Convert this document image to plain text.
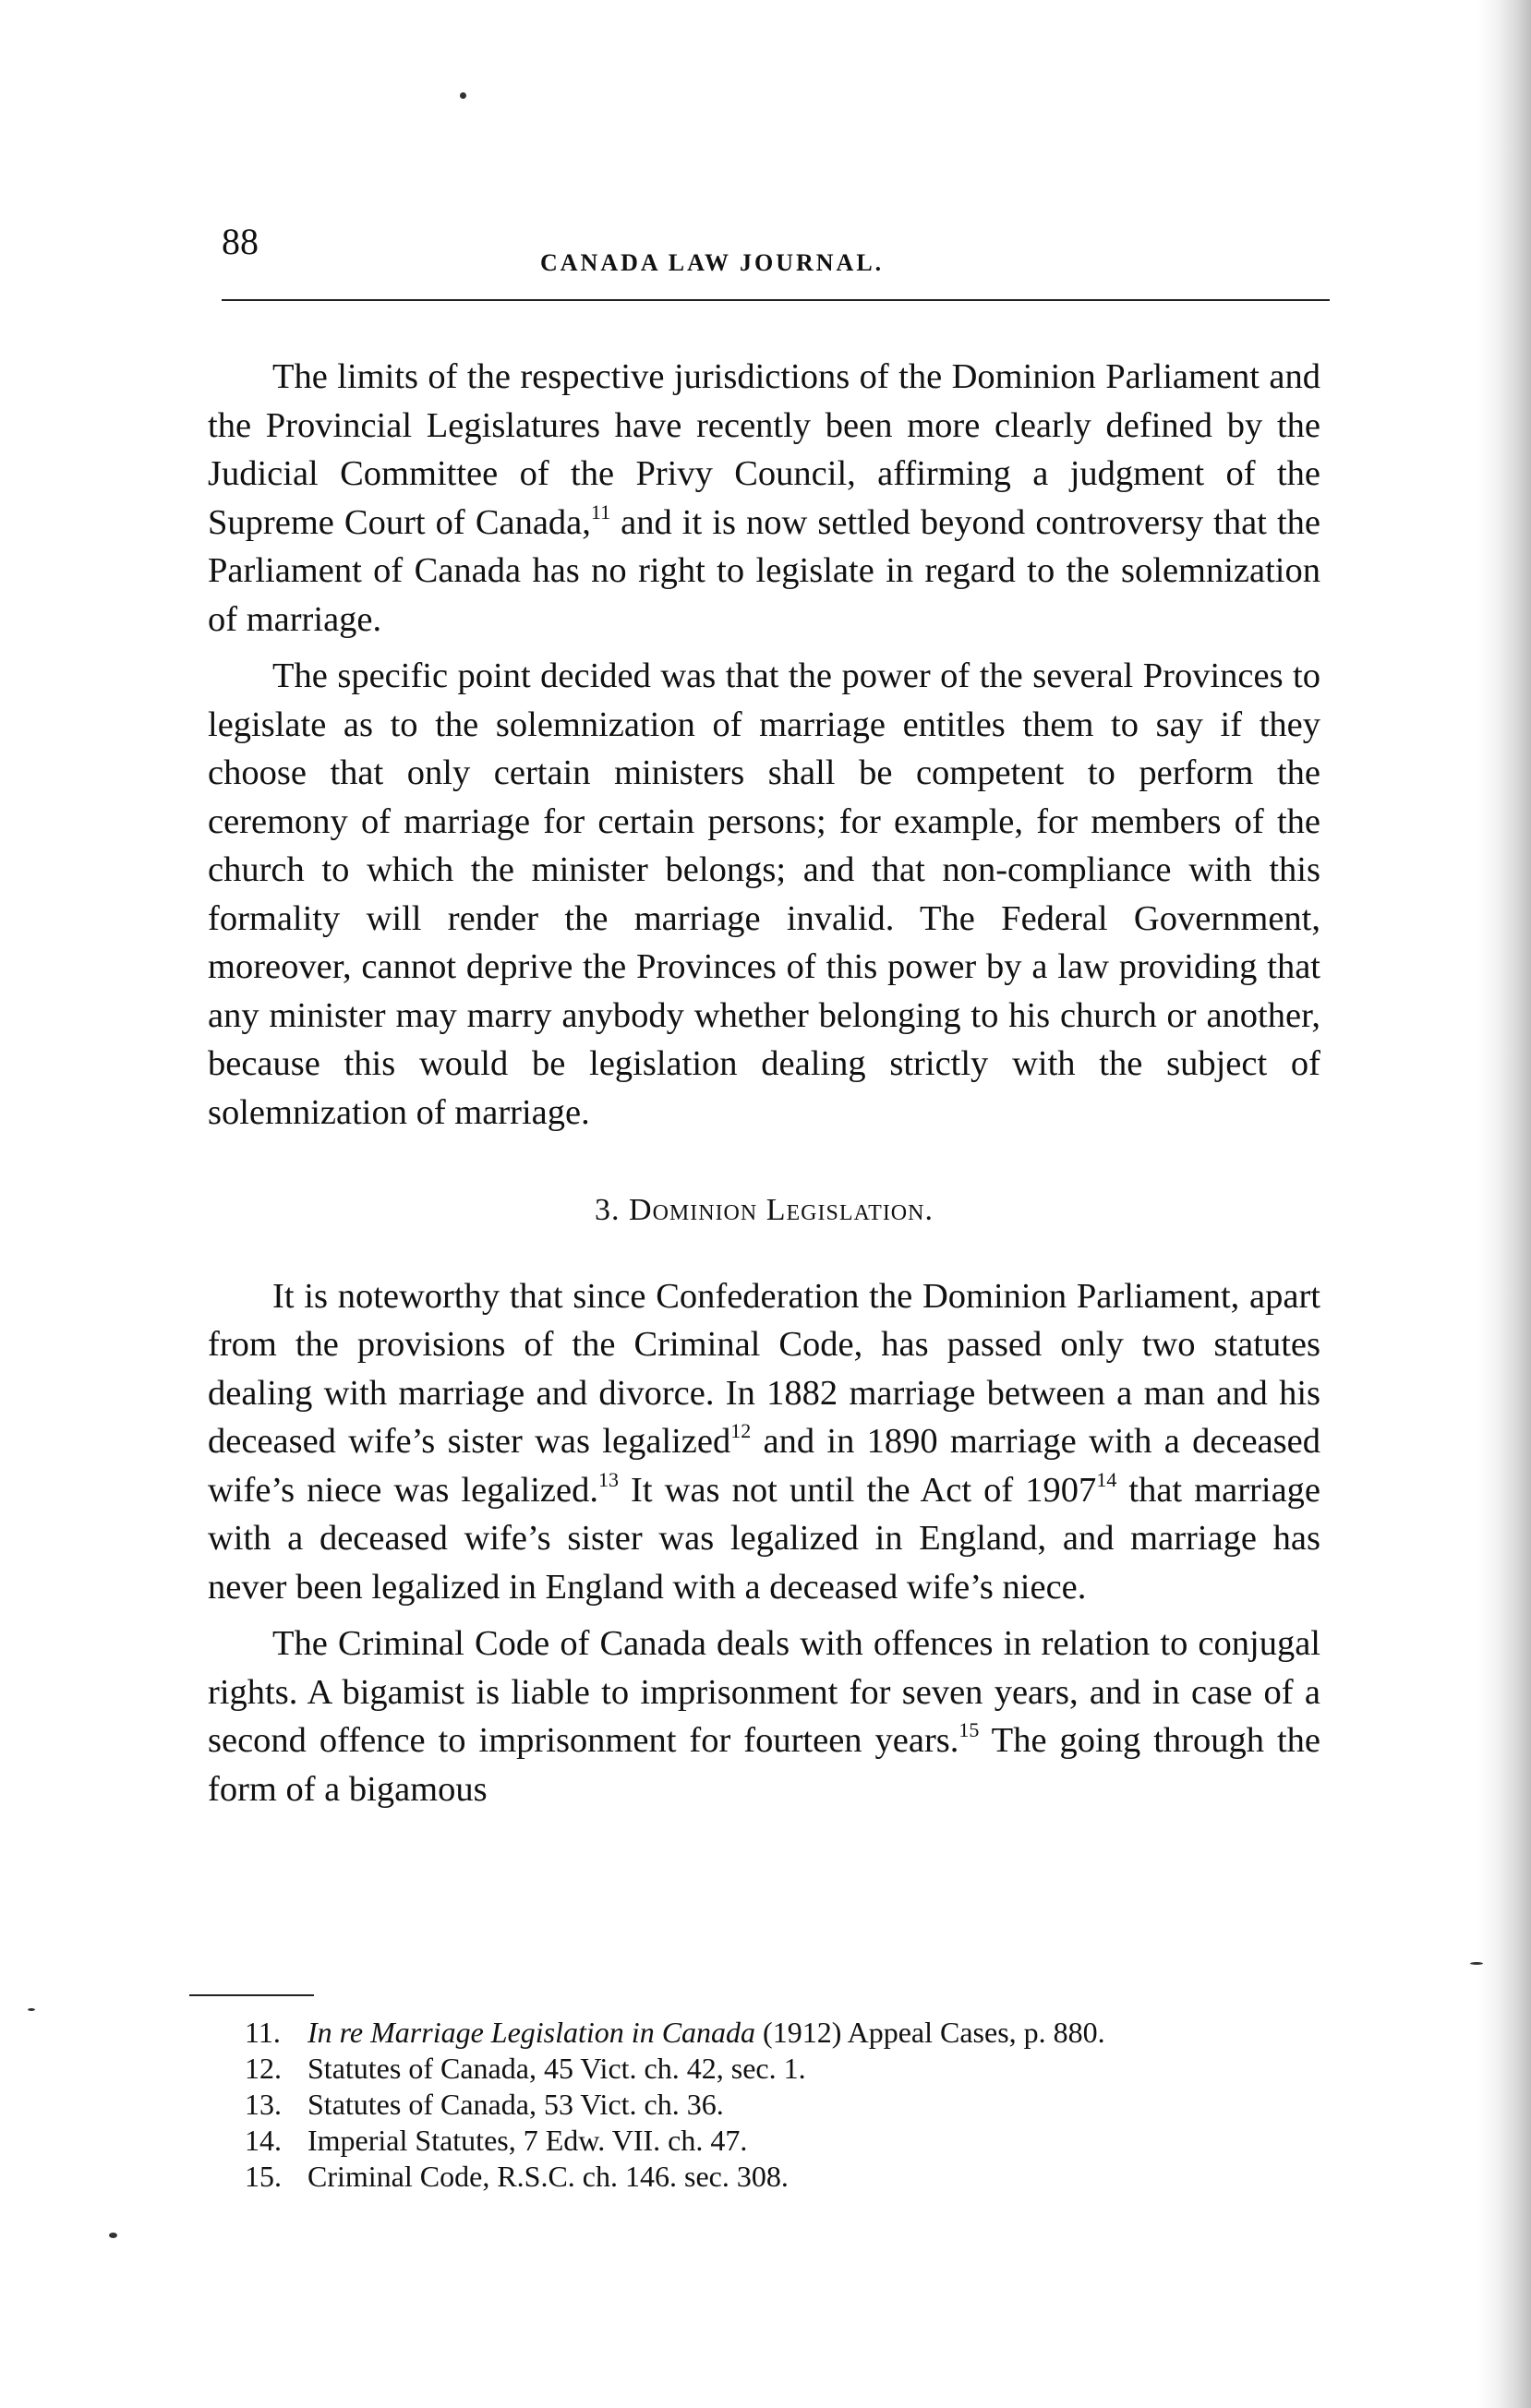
88
CANADA LAW JOURNAL.

The limits of the respective jurisdictions of the Dominion Parliament and the Provincial Legislatures have recently been more clearly defined by the Judicial Committee of the Privy Council, affirming a judgment of the Supreme Court of Canada,$^{11}$ and it is now settled beyond controversy that the Parliament of Canada has no right to legislate in regard to the solemnization of marriage.

The specific point decided was that the power of the several Provinces to legislate as to the solemnization of marriage entitles them to say if they choose that only certain ministers shall be competent to perform the ceremony of marriage for certain persons; for example, for members of the church to which the minister belongs; and that non-compliance with this formality will render the marriage invalid. The Federal Government, moreover, cannot deprive the Provinces of this power by a law providing that any minister may marry anybody whether belonging to his church or another, because this would be legislation dealing strictly with the subject of solemnization of marriage.

3. Dominion Legislation.

It is noteworthy that since Confederation the Dominion Parliament, apart from the provisions of the Criminal Code, has passed only two statutes dealing with marriage and divorce. In 1882 marriage between a man and his deceased wife’s sister was legalized$^{12}$ and in 1890 marriage with a deceased wife’s niece was legalized.$^{13}$ It was not until the Act of 1907$^{14}$ that marriage with a deceased wife’s sister was legalized in England, and marriage has never been legalized in England with a deceased wife’s niece.

The Criminal Code of Canada deals with offences in relation to conjugal rights. A bigamist is liable to imprisonment for seven years, and in case of a second offence to imprisonment for fourteen years.$^{15}$ The going through the form of a bigamous

11. In re Marriage Legislation in Canada (1912) Appeal Cases, p. 880.
12. Statutes of Canada, 45 Vict. ch. 42, sec. 1.
13. Statutes of Canada, 53 Vict. ch. 36.
14. Imperial Statutes, 7 Edw. VII. ch. 47.
15. Criminal Code, R.S.C. ch. 146. sec. 308.
